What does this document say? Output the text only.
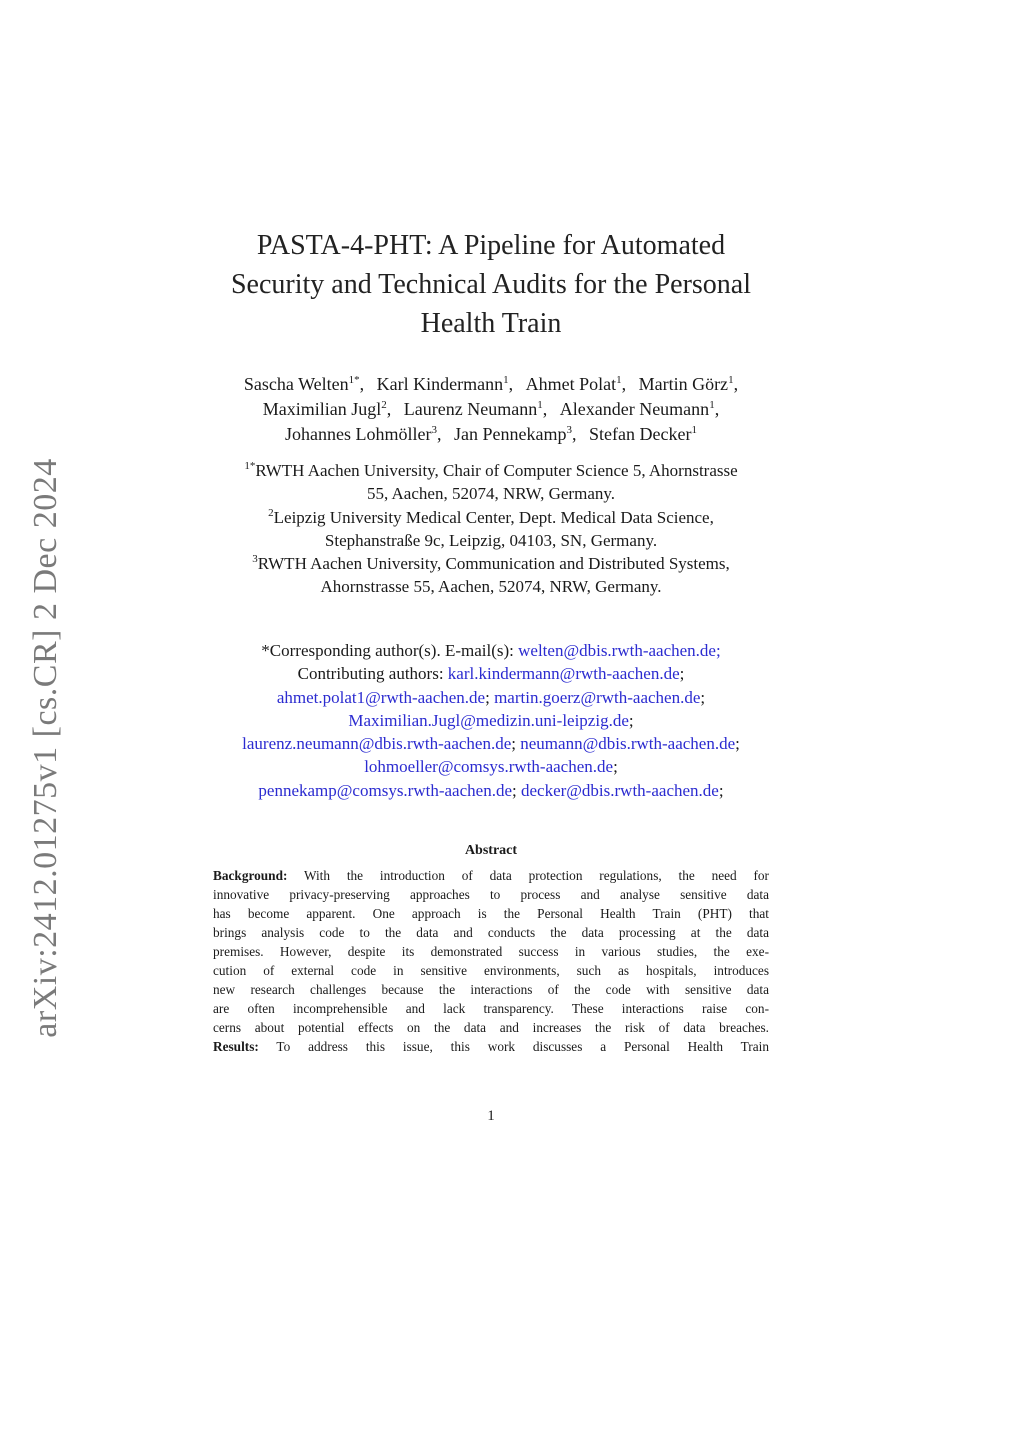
arXiv:2412.01275v1 [cs.CR] 2 Dec 2024
PASTA-4-PHT: A Pipeline for Automated
Security and Technical Audits for the Personal
Health Train
Sascha Welten$^{1*}$, Karl Kindermann$^1$, Ahmet Polat$^1$, Martin Görz$^1$,
Maximilian Jugl$^2$, Laurenz Neumann$^1$, Alexander Neumann$^1$,
Johannes Lohmöller$^3$, Jan Pennekamp$^3$, Stefan Decker$^1$
$^{1*}$RWTH Aachen University, Chair of Computer Science 5, Ahornstrasse
55, Aachen, 52074, NRW, Germany.
$^2$Leipzig University Medical Center, Dept. Medical Data Science,
Stephanstraße 9c, Leipzig, 04103, SN, Germany.
$^3$RWTH Aachen University, Communication and Distributed Systems,
Ahornstrasse 55, Aachen, 52074, NRW, Germany.
*Corresponding author(s). E-mail(s): welten@dbis.rwth-aachen.de;
Contributing authors: karl.kindermann@rwth-aachen.de;
ahmet.polat1@rwth-aachen.de; martin.goerz@rwth-aachen.de;
Maximilian.Jugl@medizin.uni-leipzig.de;
laurenz.neumann@dbis.rwth-aachen.de; neumann@dbis.rwth-aachen.de;
lohmoeller@comsys.rwth-aachen.de;
pennekamp@comsys.rwth-aachen.de; decker@dbis.rwth-aachen.de;
Abstract
Background: With the introduction of data protection regulations, the need for
innovative privacy-preserving approaches to process and analyse sensitive data
has become apparent. One approach is the Personal Health Train (PHT) that
brings analysis code to the data and conducts the data processing at the data
premises. However, despite its demonstrated success in various studies, the exe-
cution of external code in sensitive environments, such as hospitals, introduces
new research challenges because the interactions of the code with sensitive data
are often incomprehensible and lack transparency. These interactions raise con-
cerns about potential effects on the data and increases the risk of data breaches.
Results: To address this issue, this work discusses a Personal Health Train
1
